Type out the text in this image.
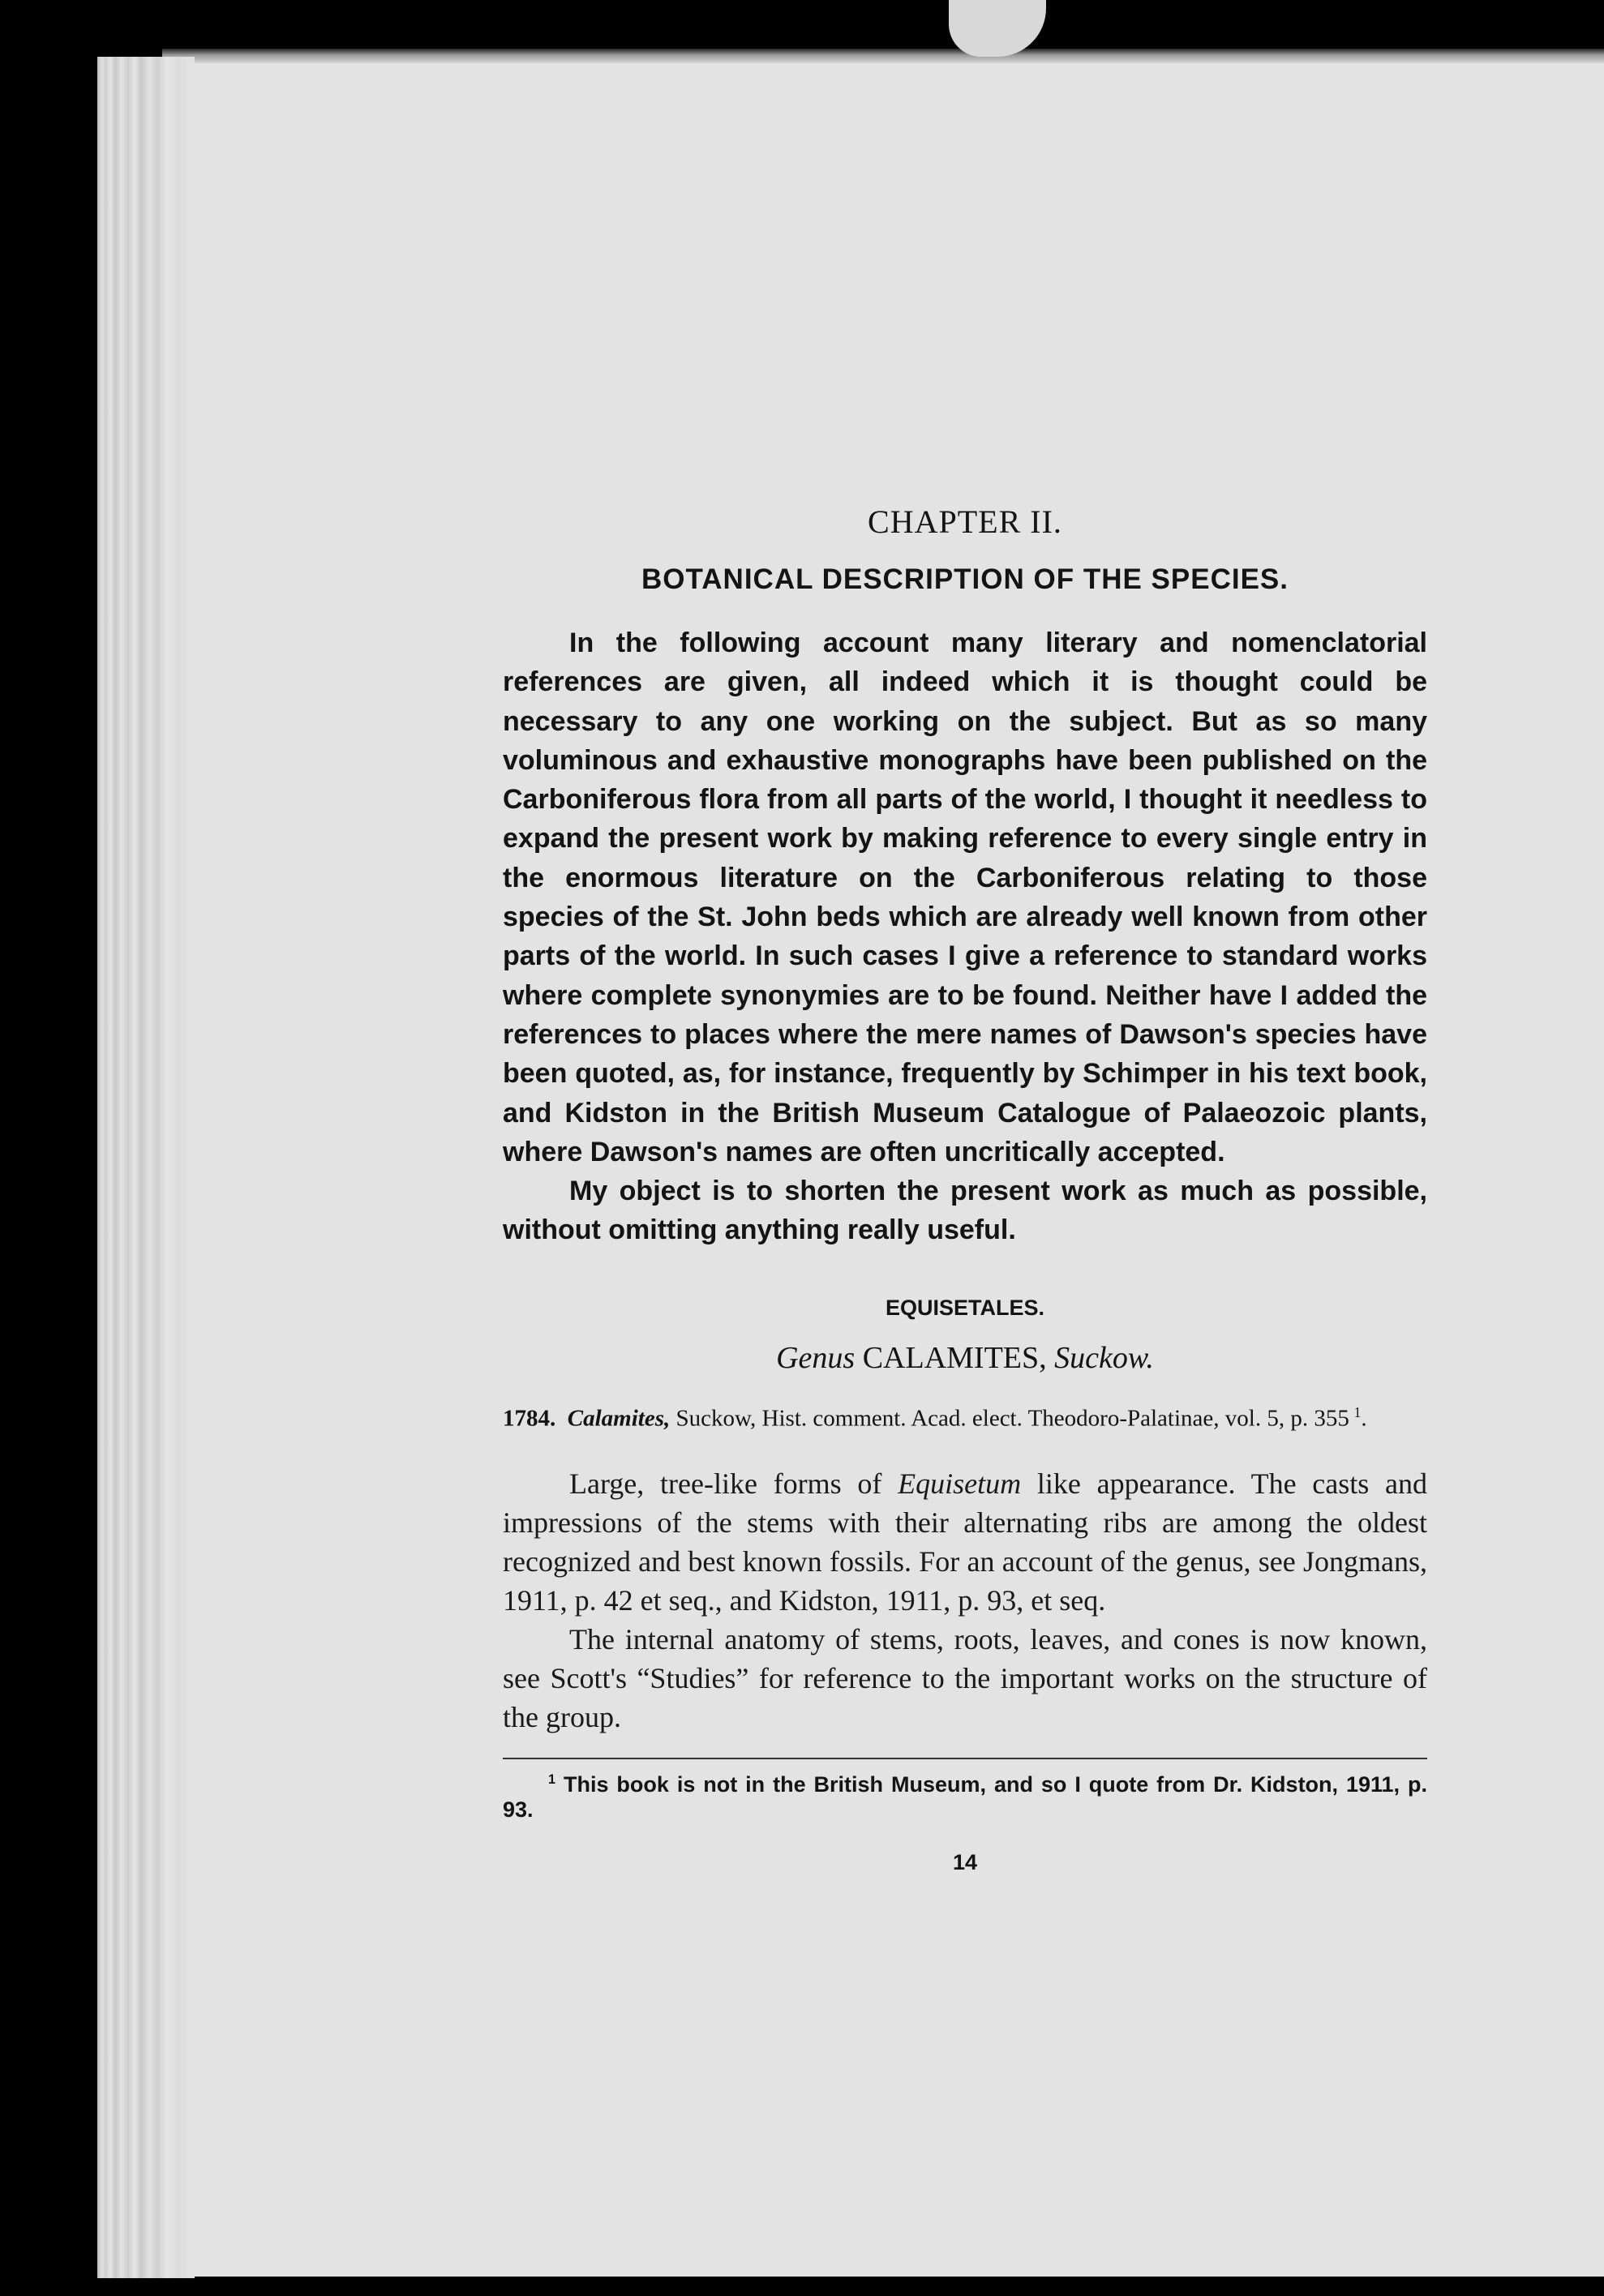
CHAPTER II.
BOTANICAL DESCRIPTION OF THE SPECIES.

In the following account many literary and nomenclatorial references are given, all indeed which it is thought could be necessary to any one working on the subject. But as so many voluminous and exhaustive monographs have been published on the Carboniferous flora from all parts of the world, I thought it needless to expand the present work by making reference to every single entry in the enormous literature on the Carboniferous relating to those species of the St. John beds which are already well known from other parts of the world. In such cases I give a reference to standard works where complete synonymies are to be found. Neither have I added the references to places where the mere names of Dawson's species have been quoted, as, for instance, frequently by Schimper in his text book, and Kidston in the British Museum Catalogue of Palaeozoic plants, where Dawson's names are often uncritically accepted.

My object is to shorten the present work as much as possible, without omitting anything really useful.

EQUISETALES.
Genus CALAMITES, Suckow.

1784. Calamites, Suckow, Hist. comment. Acad. elect. Theodoro-Palatinae, vol. 5, p. 355  $^1$.

Large, tree-like forms of Equisetum like appearance. The casts and impressions of the stems with their alternating ribs are among the oldest recognized and best known fossils. For an account of the genus, see Jongmans, 1911, p. 42 et seq., and Kidston, 1911, p. 93, et seq.

The internal anatomy of stems, roots, leaves, and cones is now known, see Scott's “Studies” for reference to the important works on the structure of the group.

$^1$ This book is not in the British Museum, and so I quote from Dr. Kidston, 1911, p. 93.

14
